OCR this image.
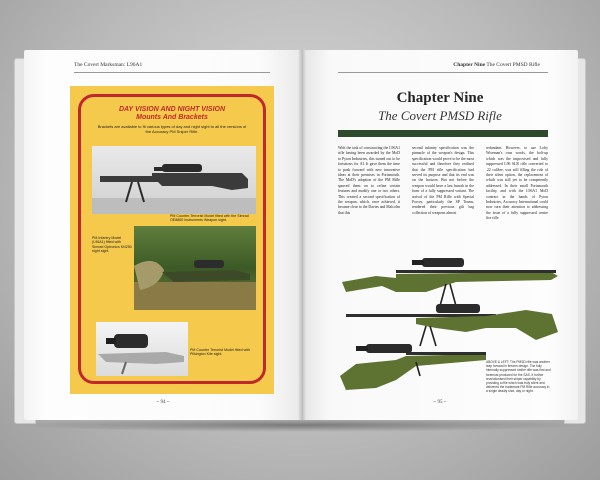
The Covert Marksman: L96A1
DAY VISION AND NIGHT VISION
Mounts And Brackets
Brackets are available to fit various types of day and night sight to all the versions of the Accuracy PM Sniper Rifle.
PM Counter-Terrorist Model fitted with the Simrad OE8860 Instruments Weapon sight.
PM Infantry Model (L96A1) fitted with Simrad Optronics KN250 night sight.
PM Counter Terrorist Model fitted with Pilkington Kite sight.
~ 94 ~
Chapter Nine The Covert PMSD Rifle
Chapter Nine
The Covert PMSD Rifle
With the task of constructing the L96A1 rifle having been awarded by the MoD to Pyton Industries, this turned out to be fortuitous for AI. It gave them the time to push forward with new innovative ideas at their premises in Portsmouth. The MoD's adoption of the PM Rifle spurred them on to refine certain features and modify one or two others. This created a second specification of the weapon, which, once achieved, it became clear to the Davies and Malcolm that this
second infantry specification was the pinnacle of the weapon's design. This specification would prove to be the most successful and therefore they realised that the PM rifle specification had served its purpose and that its end was on the horizon. But not before the weapon would have a last hurrah in the form of a fully suppressed variant. The arrival of the PM Rifle with Special Forces, particularly the SP Teams, rendered their previous gilt bag collection of weapons almost
redundant. However, to use Lofty Wiseman's own words, the bolt-up which was the improvised and fully suppressed L96 SLR rifle converted to .22 calibre, was still filling the role of their silent option, the replacement of which was still yet to be competently addressed. In their small Portsmouth facility, and with the L96A1 MoD contract in the hands of Pyton Industries, Accuracy International could now turn their attention to addressing the issue of a fully suppressed centre fire rifle
ABOVE & LEFT: The PMSD rifle was another leap forward in firearm design. The fully internally suppressed rimfire rifle was first and foremost produced for the SAS. It further revolutionised their sniper capability by providing a rifle which was truly silent and delivered the trademark PM Rifle accuracy in a single deadly shot, day or night.
~ 95 ~
